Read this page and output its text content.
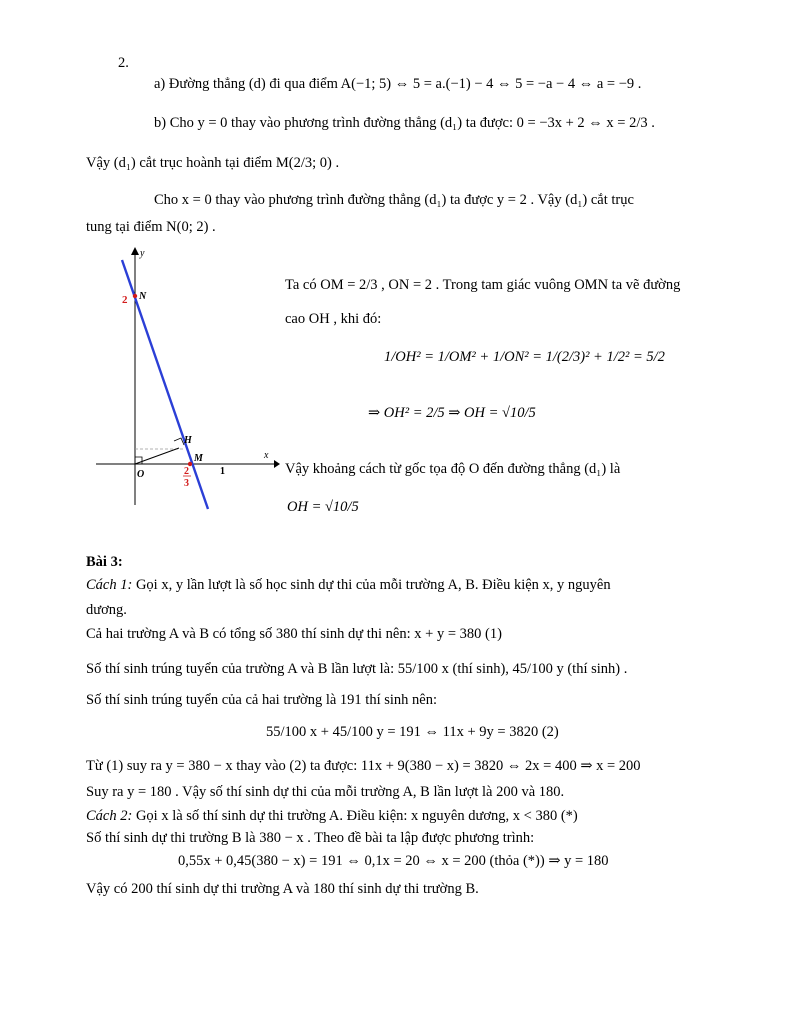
2.
a) Đường thẳng (d) đi qua điểm A(−1; 5) ⇔ 5 = a.(−1) − 4 ⇔ 5 = −a − 4 ⇔ a = −9 .
b) Cho y = 0 thay vào phương trình đường thẳng (d₁) ta được: 0 = −3x + 2 ⇔ x = 2/3 .
Vậy (d₁) cắt trục hoành tại điểm M(2/3; 0) .
Cho x = 0 thay vào phương trình đường thẳng (d₁) ta được y = 2 . Vậy (d₁) cắt trục
tung tại điểm N(0; 2) .
y
x
O
2 N
H
M
2
3
1
Ta có OM = 2/3 , ON = 2 . Trong tam giác vuông OMN ta vẽ đường
cao OH , khi đó:
1/OH² = 1/OM² + 1/ON² = 1/(2/3)² + 1/2² = 5/2
⇒ OH² = 2/5 ⇒ OH = √10/5
Vậy khoảng cách từ gốc tọa độ O đến đường thẳng (d₁) là
OH = √10/5
Bài 3:
Cách 1: Gọi x, y lần lượt là số học sinh dự thi của mỗi trường A, B. Điều kiện x, y nguyên
dương.
Cả hai trường A và B có tổng số 380 thí sinh dự thi nên: x + y = 380 (1)
Số thí sinh trúng tuyển của trường A và B lần lượt là: 55/100 x (thí sinh), 45/100 y (thí sinh) .
Số thí sinh trúng tuyển của cả hai trường là 191 thí sinh nên:
55/100 x + 45/100 y = 191 ⇔ 11x + 9y = 3820 (2)
Từ (1) suy ra y = 380 − x thay vào (2) ta được: 11x + 9(380 − x) = 3820 ⇔ 2x = 400 ⇒ x = 200
Suy ra y = 180 . Vậy số thí sinh dự thi của mỗi trường A, B lần lượt là 200 và 180.
Cách 2: Gọi x là số thí sinh dự thi trường A. Điều kiện: x nguyên dương, x < 380 (*)
Số thí sinh dự thi trường B là 380 − x . Theo đề bài ta lập được phương trình:
0,55x + 0,45(380 − x) = 191 ⇔ 0,1x = 20 ⇔ x = 200 (thỏa (*)) ⇒ y = 180
Vậy có 200 thí sinh dự thi trường A và 180 thí sinh dự thi trường B.
